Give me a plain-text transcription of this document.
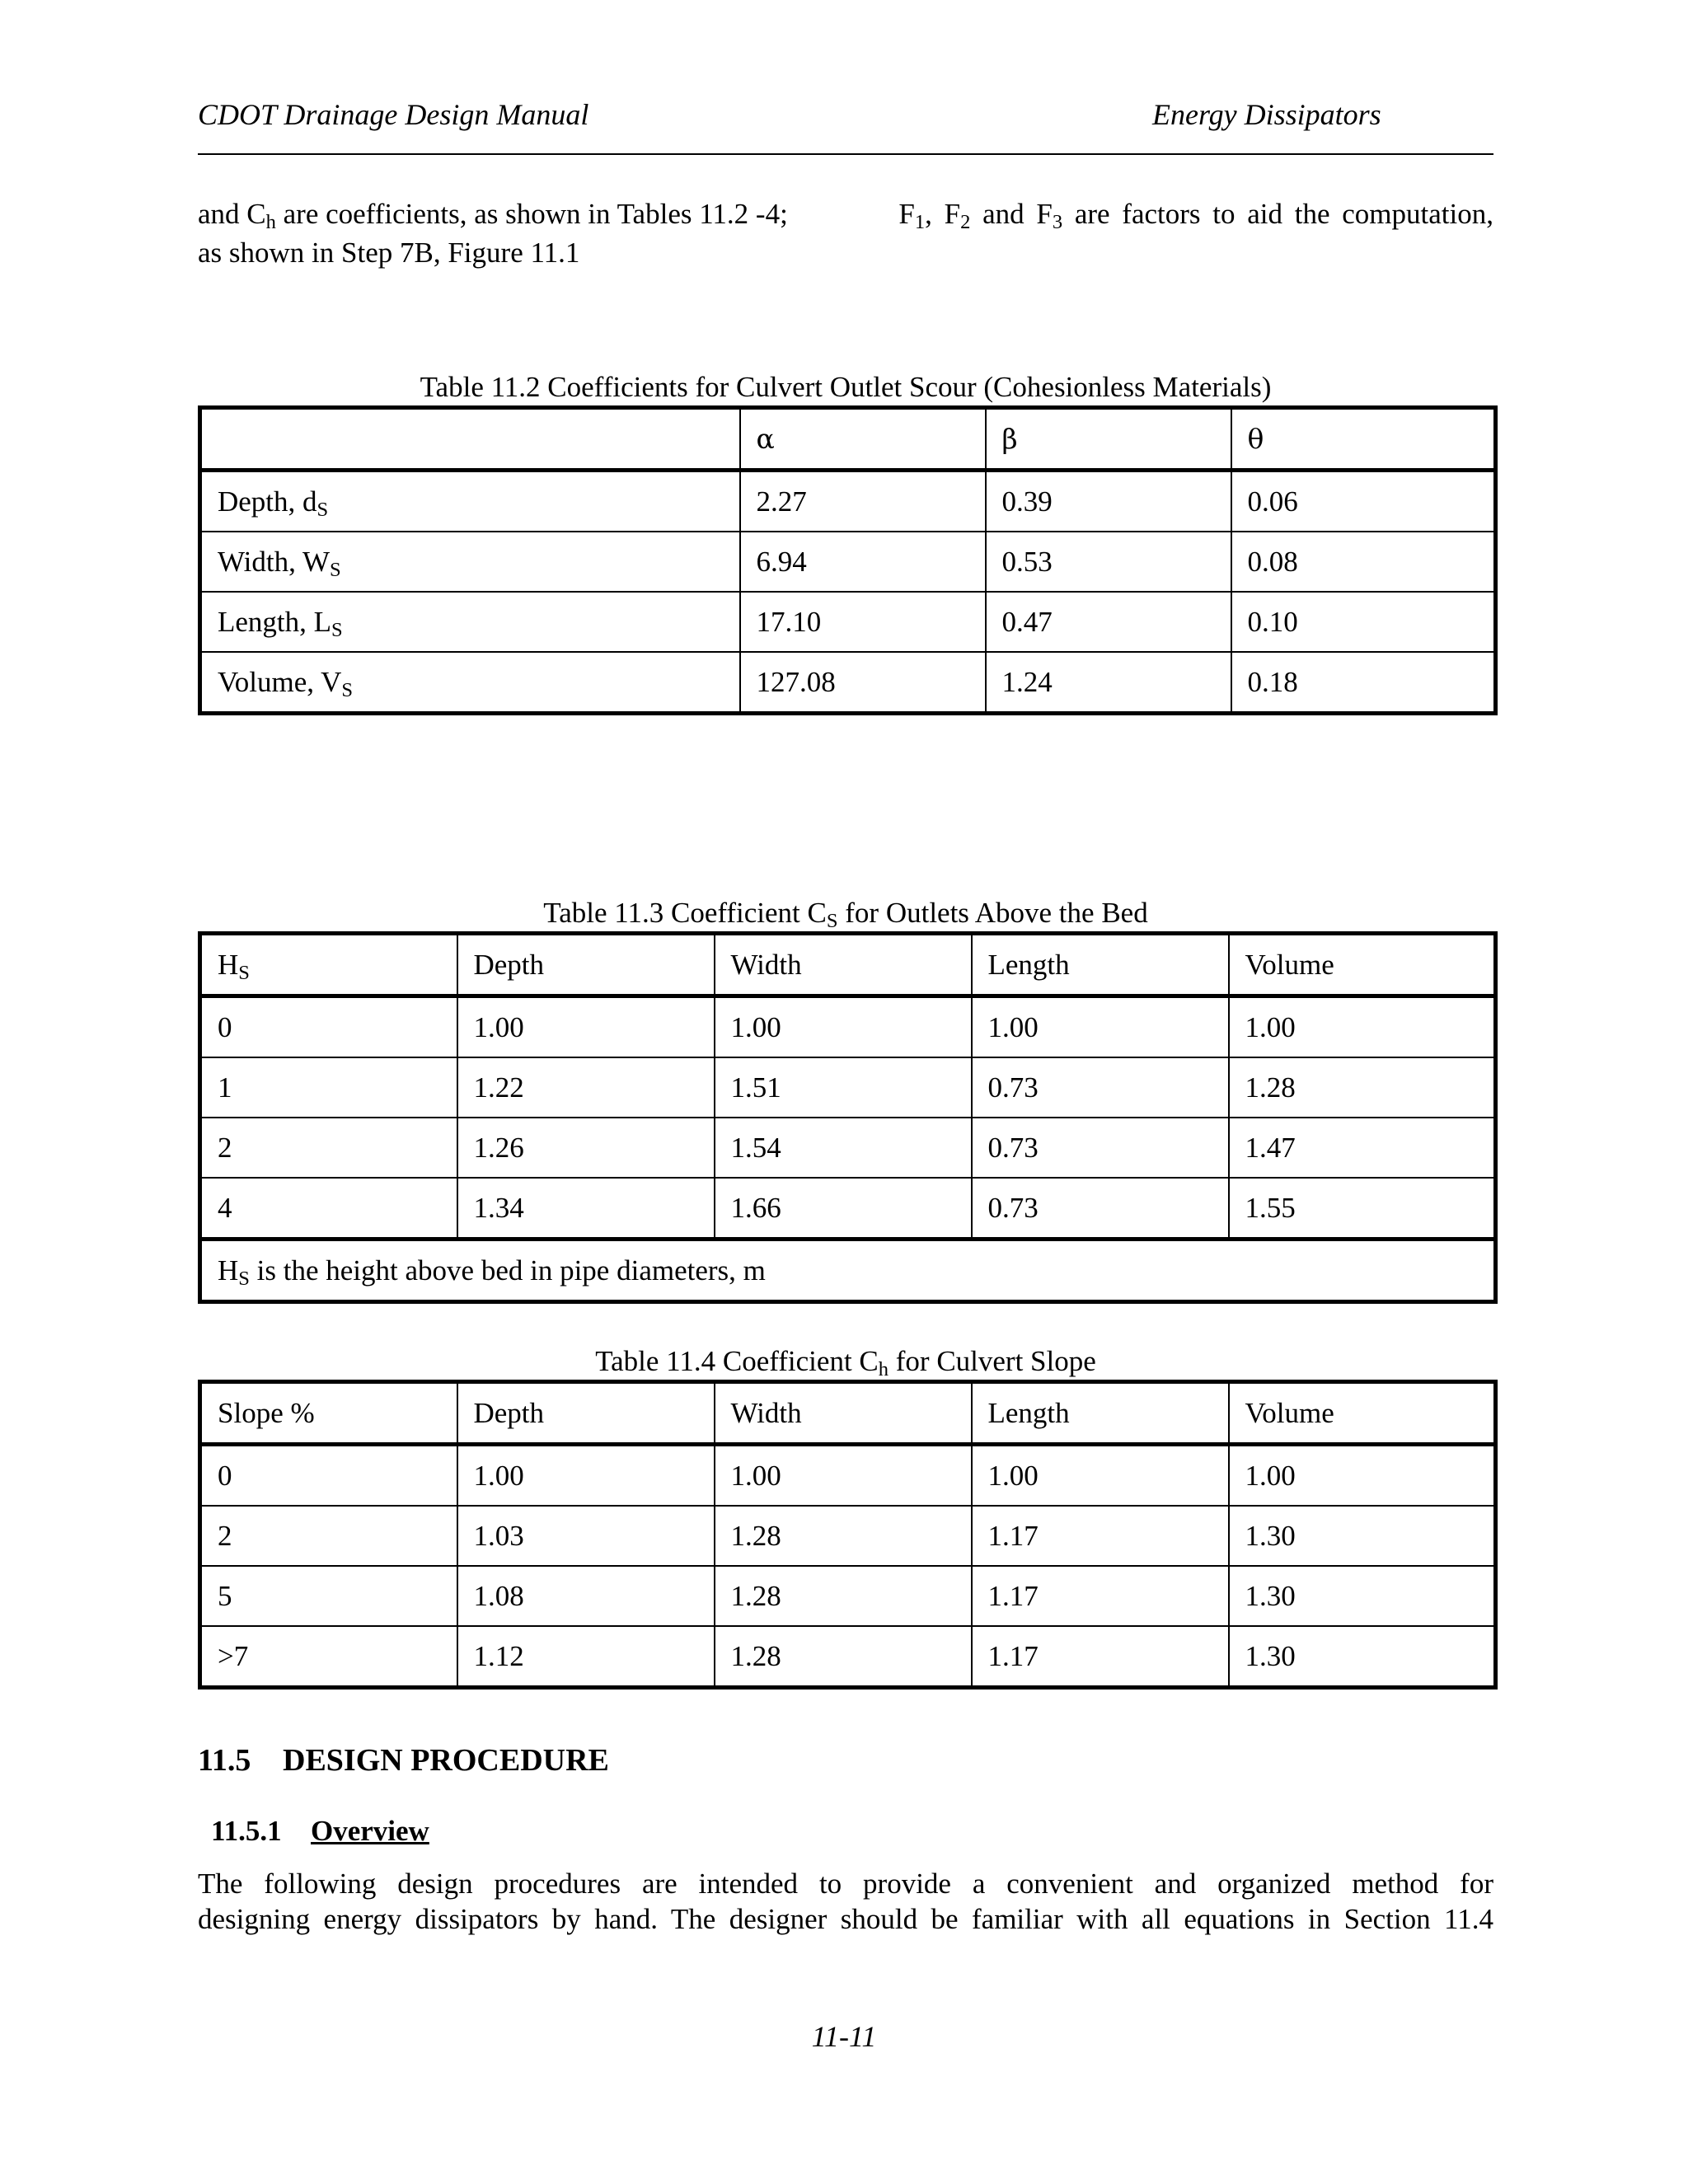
CDOT Drainage Design Manual	Energy Dissipators
and $C_h$ are coefficients, as shown in Tables 11.2 -4;	$F_1$, $F_2$ and $F_3$ are factors to aid the computation,
as shown in Step 7B, Figure 11.1
Table 11.2 Coefficients for Culvert Outlet Scour (Cohesionless Materials)
	α	β	θ
Depth, $d_S$	2.27	0.39	0.06
Width, $W_S$	6.94	0.53	0.08
Length, $L_S$	17.10	0.47	0.10
Volume, $V_S$	127.08	1.24	0.18
Table 11.3 Coefficient $C_S$ for Outlets Above the Bed
$H_S$	Depth	Width	Length	Volume
0	1.00	1.00	1.00	1.00
1	1.22	1.51	0.73	1.28
2	1.26	1.54	0.73	1.47
4	1.34	1.66	0.73	1.55
$H_S$ is the height above bed in pipe diameters, m				
Table 11.4 Coefficient $C_h$ for Culvert Slope
Slope %	Depth	Width	Length	Volume
0	1.00	1.00	1.00	1.00
2	1.03	1.28	1.17	1.30
5	1.08	1.28	1.17	1.30
>7	1.12	1.28	1.17	1.30
11.5 DESIGN PROCEDURE
11.5.1 Overview
The following design procedures are intended to provide a convenient and organized method for
designing energy dissipators by hand. The designer should be familiar with all equations in Section 11.4
11-11
